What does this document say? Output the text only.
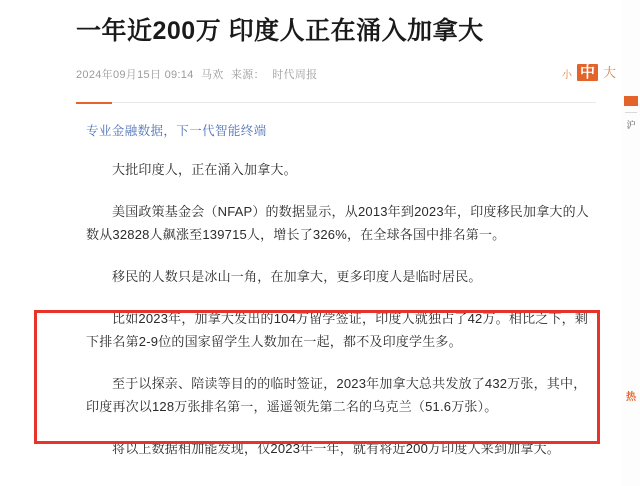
一年近200万 印度人正在涌入加拿大
2024年09月15日 09:14 马欢 来源： 时代周报	小 中 大
专业金融数据，下一代智能终端

大批印度人，正在涌入加拿大。

美国政策基金会（NFAP）的数据显示，从2013年到2023年，印度移民加拿大的人数从32828人飙涨至139715人，增长了326%，在全球各国中排名第一。

移民的人数只是冰山一角，在加拿大，更多印度人是临时居民。

比如2023年，加拿大发出的104万留学签证，印度人就独占了42万。相比之下，剩下排名第2-9位的国家留学生人数加在一起，都不及印度学生多。

至于以探亲、陪读等目的的临时签证，2023年加拿大总共发放了432万张，其中，印度再次以128万张排名第一，遥遥领先第二名的乌克兰（51.6万张）。

将以上数据相加能发现，仅2023年一年，就有将近200万印度人来到加拿大。

沪
热
